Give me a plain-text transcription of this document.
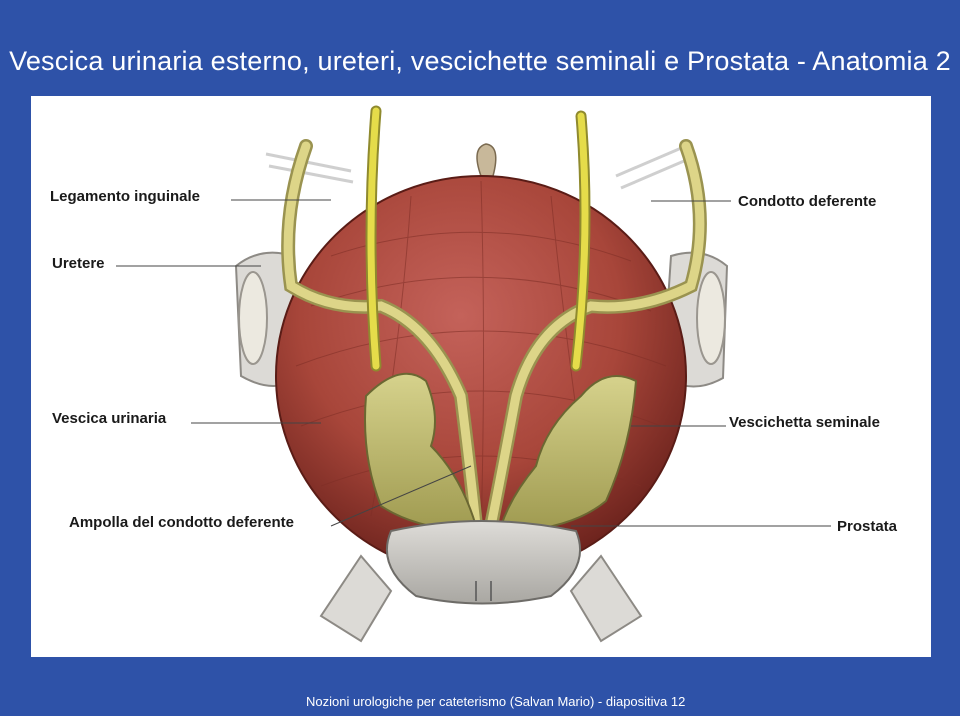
Vescica urinaria esterno, ureteri, vescichette seminali e Prostata - Anatomia 2
Legamento inguinale
Uretere
Vescica urinaria
Ampolla del condotto deferente
Condotto deferente
Vescichetta seminale
Prostata
Nozioni urologiche per cateterismo (Salvan Mario) - diapositiva 12
